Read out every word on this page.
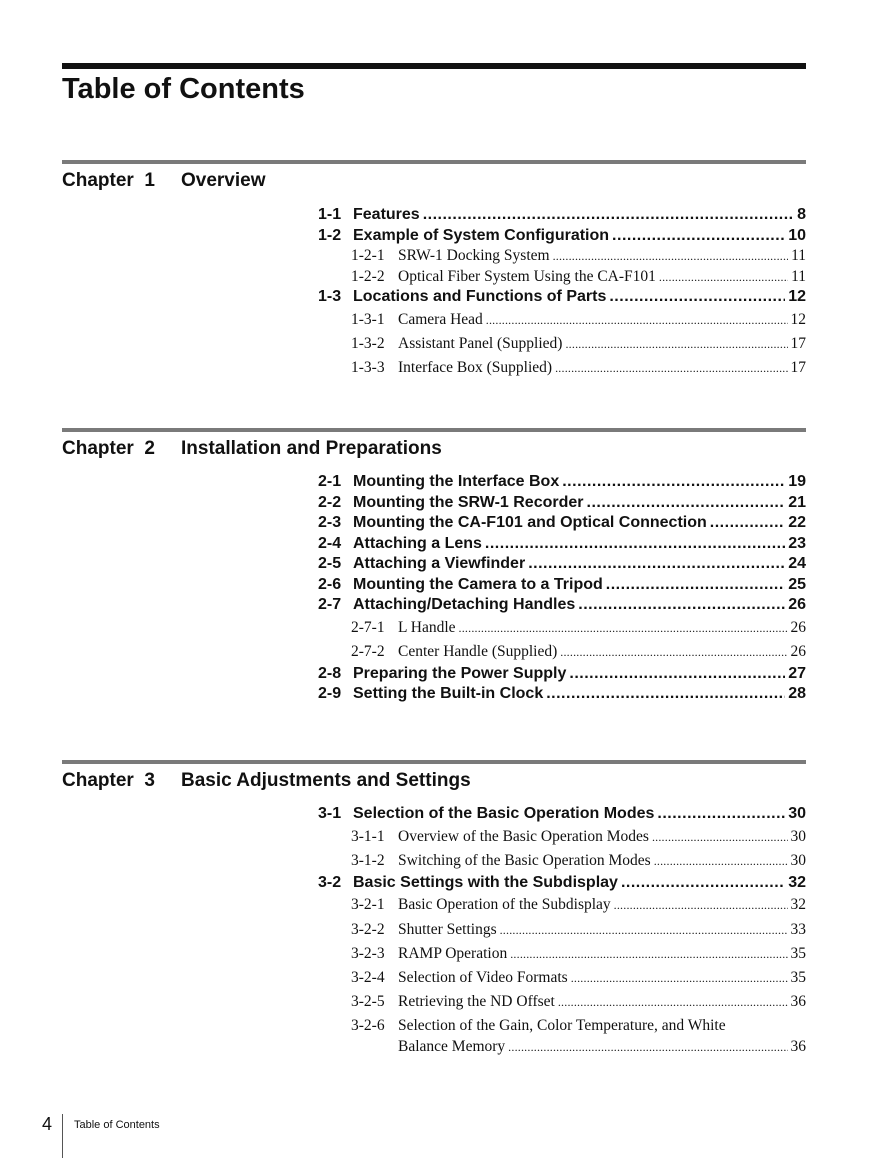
Table of Contents
Chapter  1	Overview
1-1 Features .....	8
1-2 Example of System Configuration .....	10
1-2-1 SRW-1 Docking System .....	11
1-2-2 Optical Fiber System Using the CA-F101 .....	11
1-3 Locations and Functions of Parts .....	12
1-3-1 Camera Head .....	12
1-3-2 Assistant Panel (Supplied) .....	17
1-3-3 Interface Box (Supplied) .....	17
Chapter  2	Installation and Preparations
2-1 Mounting the Interface Box .....	19
2-2 Mounting the SRW-1 Recorder .....	21
2-3 Mounting the CA-F101 and Optical Connection .....	22
2-4 Attaching a Lens .....	23
2-5 Attaching a Viewfinder .....	24
2-6 Mounting the Camera to a Tripod .....	25
2-7 Attaching/Detaching Handles .....	26
2-7-1 L Handle .....	26
2-7-2 Center Handle (Supplied) .....	26
2-8 Preparing the Power Supply .....	27
2-9 Setting the Built-in Clock .....	28
Chapter  3	Basic Adjustments and Settings
3-1 Selection of the Basic Operation Modes .....	30
3-1-1 Overview of the Basic Operation Modes .....	30
3-1-2 Switching of the Basic Operation Modes .....	30
3-2 Basic Settings with the Subdisplay .....	32
3-2-1 Basic Operation of the Subdisplay .....	32
3-2-2 Shutter Settings .....	33
3-2-3 RAMP Operation .....	35
3-2-4 Selection of Video Formats .....	35
3-2-5 Retrieving the ND Offset .....	36
3-2-6 Selection of the Gain, Color Temperature, and White
Balance Memory .....	36
4 Table of Contents
